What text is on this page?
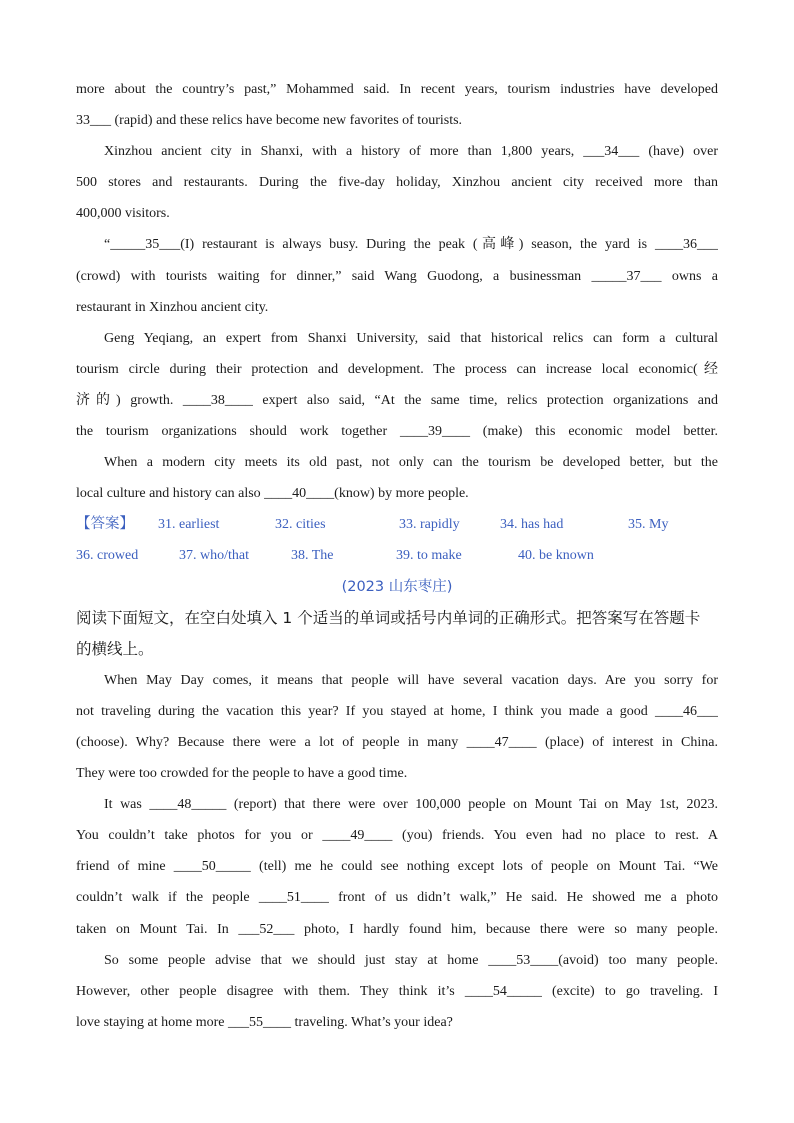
more about the country’s past,” Mohammed said. In recent years, tourism industries have developed
33___ (rapid) and these relics have become new favorites of tourists.
Xinzhou ancient city in Shanxi, with a history of more than 1,800 years, ___34___ (have) over
500 stores and restaurants. During the five-day holiday, Xinzhou ancient city received more than
400,000 visitors.
“_____35___(I) restaurant is always busy. During the peak (高峰) season, the yard is ____36___
(crowd) with tourists waiting for dinner,” said Wang Guodong, a businessman _____37___ owns a
restaurant in Xinzhou ancient city.
Geng Yeqiang, an expert from Shanxi University, said that historical relics can form a cultural
tourism circle during their protection and development. The process can increase local economic(经
济的) growth. ____38____ expert also said, “At the same time, relics protection organizations and
the tourism organizations should work together ____39____ (make) this economic model better.
When a modern city meets its old past, not only can the tourism be developed better, but the
local culture and history can also ____40____(know) by more people.
【答案】	31. earliest	32. cities	33. rapidly	34. has had	35. My
36. crowed	37. who/that	38. The	39. to make	40. be known
(2023 山东枣庄)
阅读下面短文，在空白处填入 1 个适当的单词或括号内单词的正确形式。把答案写在答题卡
的横线上。
When May Day comes, it means that people will have several vacation days. Are you sorry for
not traveling during the vacation this year? If you stayed at home, I think you made a good ____46___
(choose). Why? Because there were a lot of people in many ____47____ (place) of interest in China.
They were too crowded for the people to have a good time.
It was ____48_____ (report) that there were over 100,000 people on Mount Tai on May 1st, 2023.
You couldn’t take photos for you or ____49____ (you) friends. You even had no place to rest. A
friend of mine ____50_____ (tell) me he could see nothing except lots of people on Mount Tai. “We
couldn’t walk if the people ____51____ front of us didn’t walk,” He said. He showed me a photo
taken on Mount Tai. In ___52___ photo, I hardly found him, because there were so many people.
So some people advise that we should just stay at home ____53____(avoid) too many people.
However, other people disagree with them. They think it’s ____54_____ (excite) to go traveling. I
love staying at home more ___55____ traveling. What’s your idea?
